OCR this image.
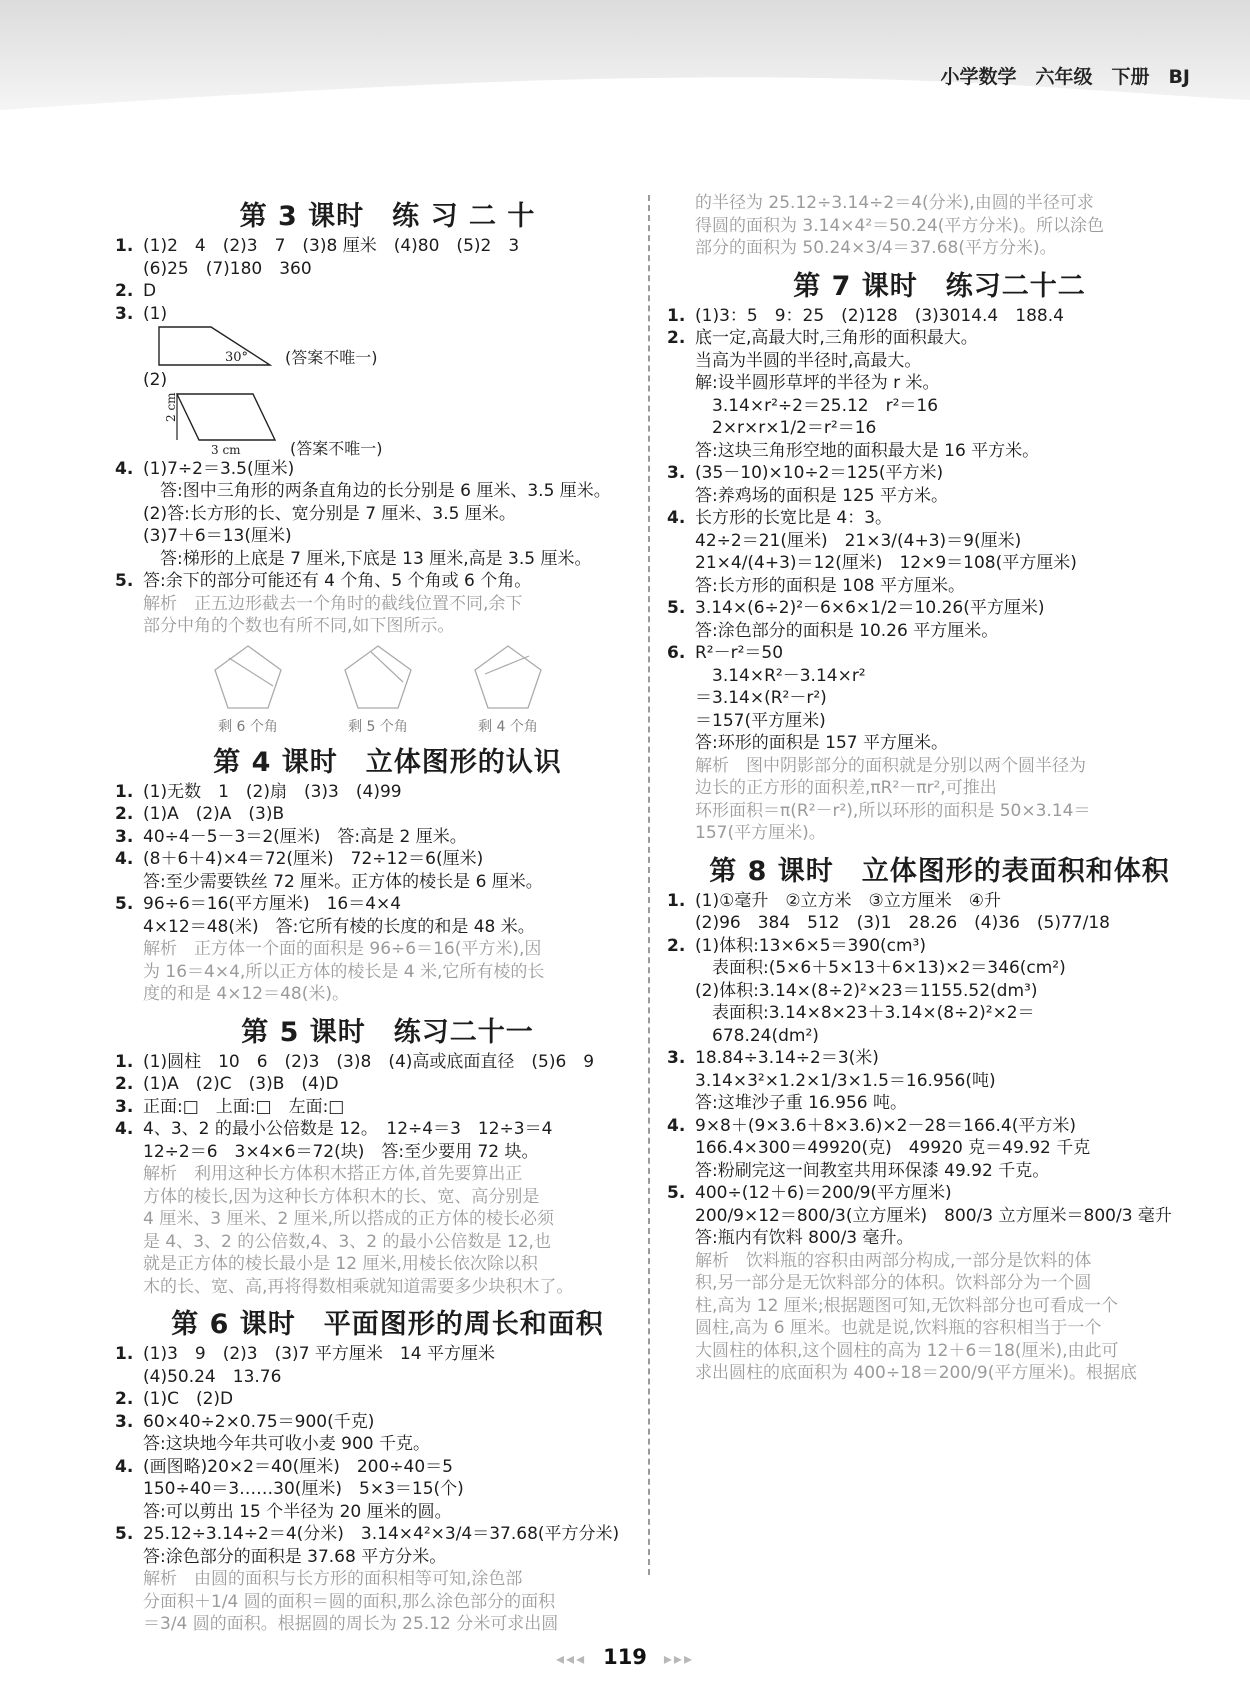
小学数学　六年级　下册　BJ
第 3 课时　练 习 二 十
1. (1)2　4　(2)3　7　(3)8 厘米　(4)80　(5)2　3
(6)25　(7)180　360
2. D
3. (1)
30° (答案不唯一)
(2)
2 cm
3 cm	(答案不唯一)
4. (1)7÷2＝3.5(厘米)
　答:图中三角形的两条直角边的长分别是 6 厘米、3.5 厘米。
(2)答:长方形的长、宽分别是 7 厘米、3.5 厘米。
(3)7＋6＝13(厘米)
　答:梯形的上底是 7 厘米,下底是 13 厘米,高是 3.5 厘米。
5. 答:余下的部分可能还有 4 个角、5 个角或 6 个角。
解析　正五边形截去一个角时的截线位置不同,余下
部分中角的个数也有所不同,如下图所示。
剩 6 个角	剩 5 个角	剩 4 个角
第 4 课时　立体图形的认识
1. (1)无数　1　(2)扇　(3)3　(4)99
2. (1)A　(2)A　(3)B
3. 40÷4－5－3＝2(厘米)　答:高是 2 厘米。
4. (8＋6＋4)×4＝72(厘米)　72÷12＝6(厘米)
答:至少需要铁丝 72 厘米。正方体的棱长是 6 厘米。
5. 96÷6＝16(平方厘米)　16＝4×4
4×12＝48(米)　答:它所有棱的长度的和是 48 米。
解析　正方体一个面的面积是 96÷6＝16(平方米),因
为 16＝4×4,所以正方体的棱长是 4 米,它所有棱的长
度的和是 4×12＝48(米)。
第 5 课时　练习二十一
1. (1)圆柱　10　6　(2)3　(3)8　(4)高或底面直径　(5)6　9
2. (1)A　(2)C　(3)B　(4)D
3. 正面:□　上面:□　左面:□
4. 4、3、2 的最小公倍数是 12。　12÷4＝3　12÷3＝4
12÷2＝6　3×4×6＝72(块)　答:至少要用 72 块。
解析　利用这种长方体积木搭正方体,首先要算出正
方体的棱长,因为这种长方体积木的长、宽、高分别是
4 厘米、3 厘米、2 厘米,所以搭成的正方体的棱长必须
是 4、3、2 的公倍数,4、3、2 的最小公倍数是 12,也
就是正方体的棱长最小是 12 厘米,用棱长依次除以积
木的长、宽、高,再将得数相乘就知道需要多少块积木了。
第 6 课时　平面图形的周长和面积
1. (1)3　9　(2)3　(3)7 平方厘米　14 平方厘米
(4)50.24　13.76
2. (1)C　(2)D
3. 60×40÷2×0.75＝900(千克)
答:这块地今年共可收小麦 900 千克。
4. (画图略)20×2＝40(厘米)　200÷40＝5
150÷40＝3……30(厘米)　5×3＝15(个)
答:可以剪出 15 个半径为 20 厘米的圆。
5. 25.12÷3.14÷2＝4(分米)　3.14×4²×3/4＝37.68(平方分米)
答:涂色部分的面积是 37.68 平方分米。
解析　由圆的面积与长方形的面积相等可知,涂色部
分面积＋1/4 圆的面积＝圆的面积,那么涂色部分的面积
＝3/4 圆的面积。根据圆的周长为 25.12 分米可求出圆
的半径为 25.12÷3.14÷2＝4(分米),由圆的半径可求
得圆的面积为 3.14×4²＝50.24(平方分米)。所以涂色
部分的面积为 50.24×3/4＝37.68(平方分米)。
第 7 课时　练习二十二
1. (1)3：5　9：25　(2)128　(3)3014.4　188.4
2. 底一定,高最大时,三角形的面积最大。
当高为半圆的半径时,高最大。
解:设半圆形草坪的半径为 r 米。
　3.14×r²÷2＝25.12　r²＝16
　2×r×r×1/2＝r²＝16
答:这块三角形空地的面积最大是 16 平方米。
3. (35－10)×10÷2＝125(平方米)
答:养鸡场的面积是 125 平方米。
4. 长方形的长宽比是 4：3。
42÷2＝21(厘米)　21×3/(4+3)＝9(厘米)
21×4/(4+3)＝12(厘米)　12×9＝108(平方厘米)
答:长方形的面积是 108 平方厘米。
5. 3.14×(6÷2)²－6×6×1/2＝10.26(平方厘米)
答:涂色部分的面积是 10.26 平方厘米。
6. R²－r²＝50
　3.14×R²－3.14×r²
＝3.14×(R²－r²)
＝157(平方厘米)
答:环形的面积是 157 平方厘米。
解析　图中阴影部分的面积就是分别以两个圆半径为
边长的正方形的面积差,πR²－πr²,可推出
环形面积＝π(R²－r²),所以环形的面积是 50×3.14＝
157(平方厘米)。
第 8 课时　立体图形的表面积和体积
1. (1)①毫升　②立方米　③立方厘米　④升
(2)96　384　512　(3)1　28.26　(4)36　(5)77/18
2. (1)体积:13×6×5＝390(cm³)
　表面积:(5×6＋5×13＋6×13)×2＝346(cm²)
(2)体积:3.14×(8÷2)²×23＝1155.52(dm³)
　表面积:3.14×8×23＋3.14×(8÷2)²×2＝
　678.24(dm²)
3. 18.84÷3.14÷2＝3(米)
3.14×3²×1.2×1/3×1.5＝16.956(吨)
答:这堆沙子重 16.956 吨。
4. 9×8＋(9×3.6＋8×3.6)×2－28＝166.4(平方米)
166.4×300＝49920(克)　49920 克＝49.92 千克
答:粉刷完这一间教室共用环保漆 49.92 千克。
5. 400÷(12＋6)＝200/9(平方厘米)
200/9×12＝800/3(立方厘米)　800/3 立方厘米＝800/3 毫升
答:瓶内有饮料 800/3 毫升。
解析　饮料瓶的容积由两部分构成,一部分是饮料的体
积,另一部分是无饮料部分的体积。饮料部分为一个圆
柱,高为 12 厘米;根据题图可知,无饮料部分也可看成一个
圆柱,高为 6 厘米。也就是说,饮料瓶的容积相当于一个
大圆柱的体积,这个圆柱的高为 12＋6＝18(厘米),由此可
求出圆柱的底面积为 400÷18＝200/9(平方厘米)。根据底
◂◂◂ 119 ▸▸▸
